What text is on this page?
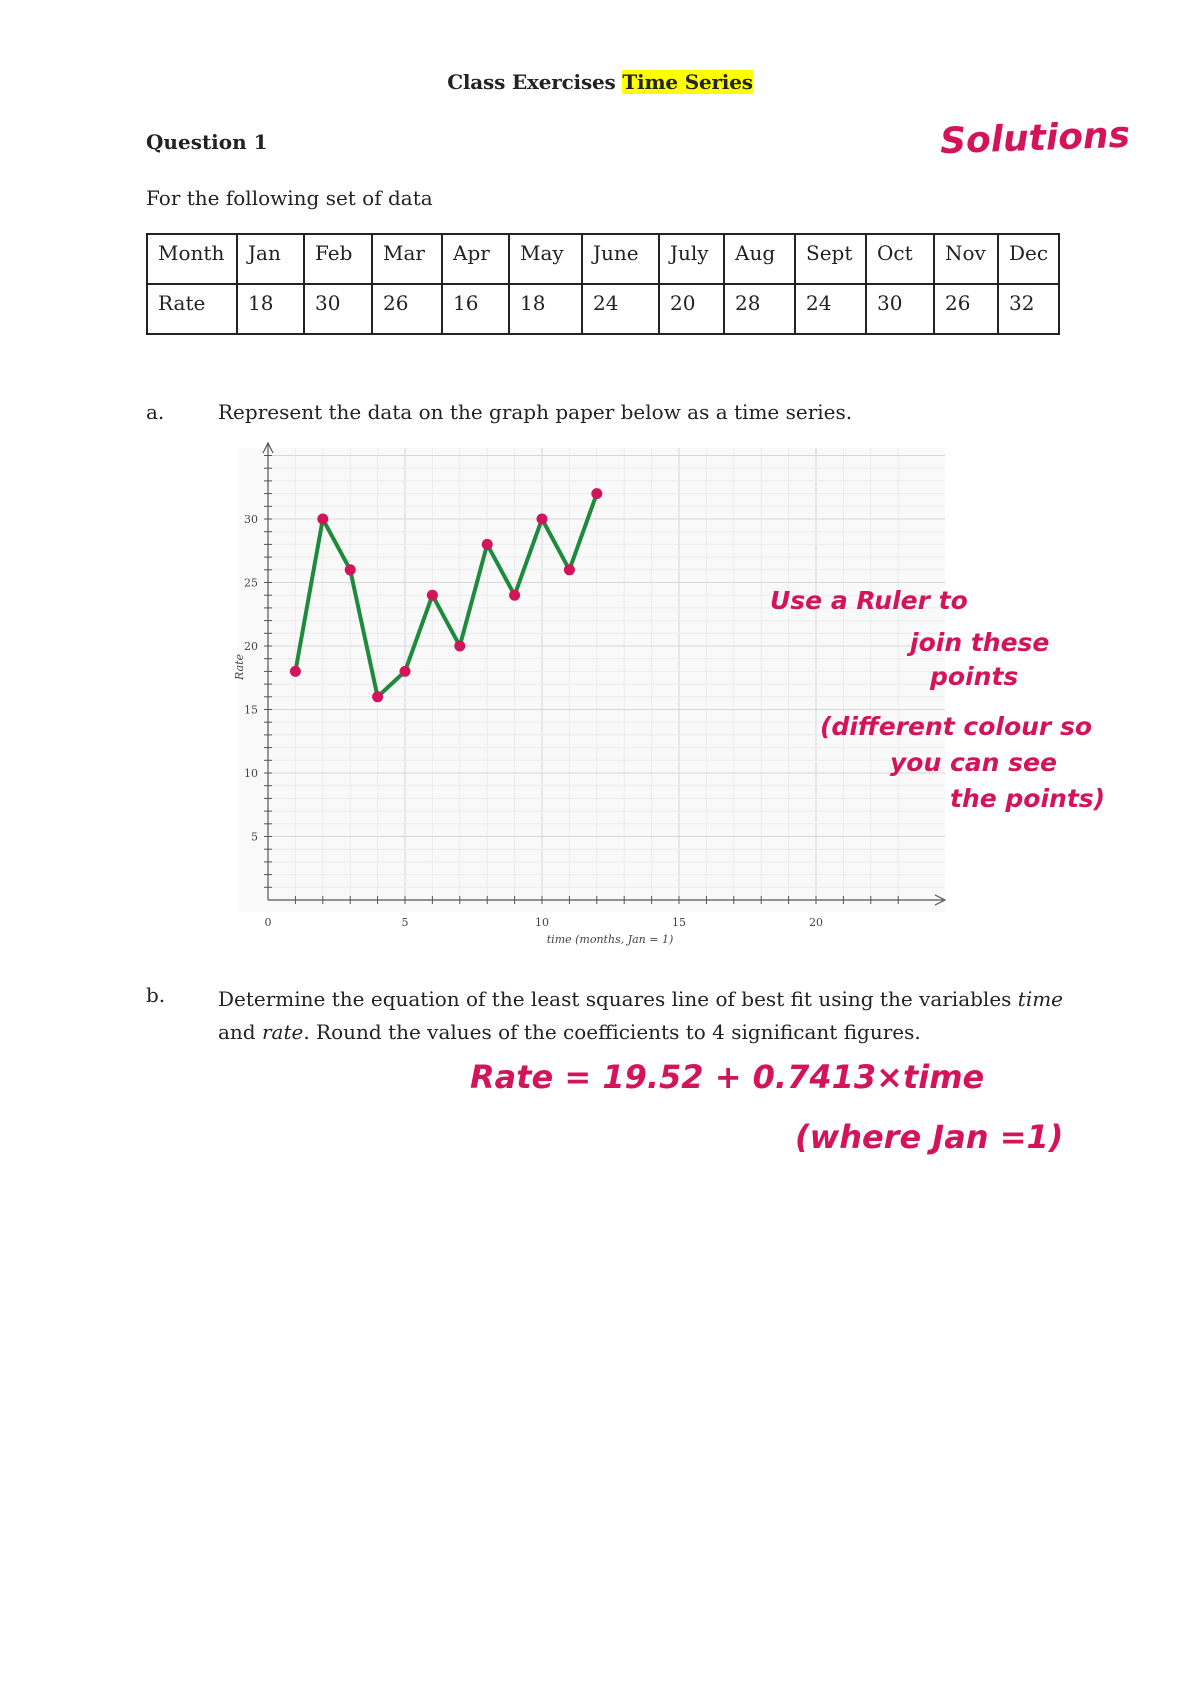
Class Exercises Time Series
Question 1
For the following set of data
Month	Jan	Feb	Mar	Apr	May	June	July	Aug	Sept	Oct	Nov	Dec
Rate	18	30	26	16	18	24	20	28	24	30	26	32
a.	Represent the data on the graph paper below as a time series.
0	5	10	15	20
5
10
15
20
25
30
Rate
time (months, Jan = 1)
b.	Determine the equation of the least squares line of best fit using the variables time and rate. Round the values of the coefficients to 4 significant figures.
Solutions
Use a Ruler to
join these
points
(different colour so
you can see
the points)
Rate = 19.52 + 0.7413×time
(where Jan =1)
